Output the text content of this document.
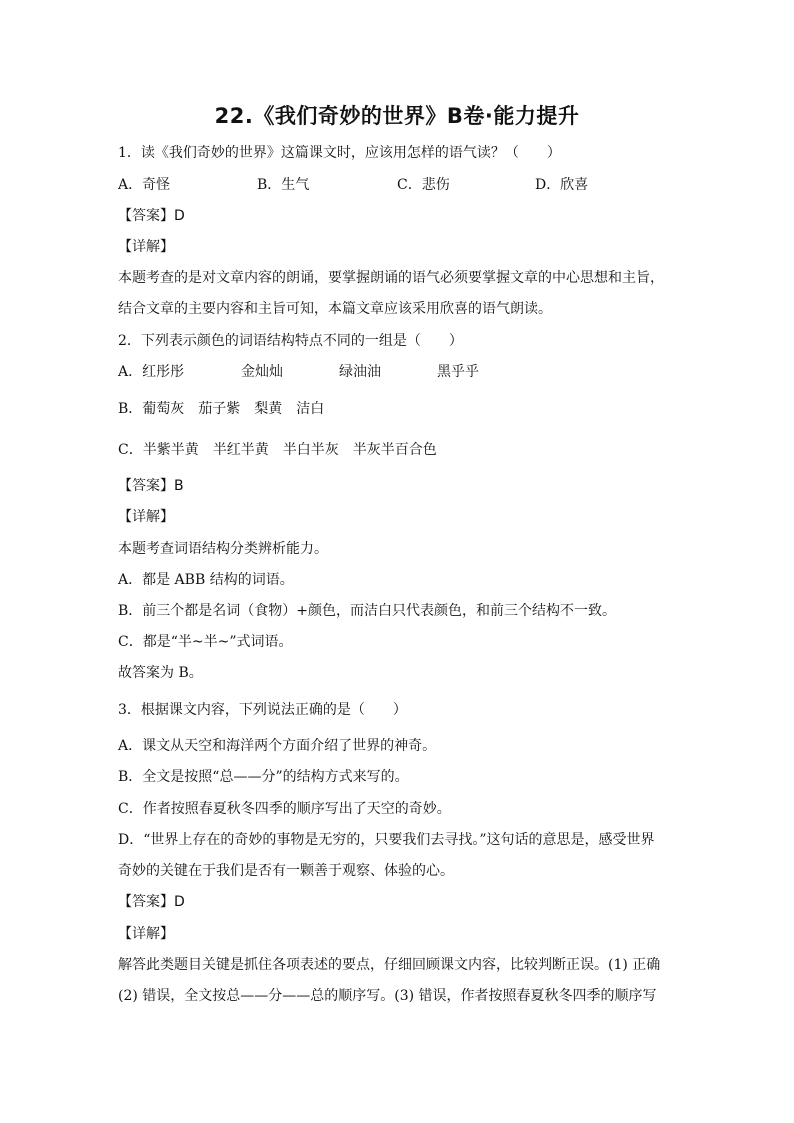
22.《我们奇妙的世界》B卷·能力提升
1．读《我们奇妙的世界》这篇课文时，应该用怎样的语气读？（　　）
A．奇怪	B．生气	C．悲伤	D．欣喜
【答案】D
【详解】
本题考查的是对文章内容的朗诵，要掌握朗诵的语气必须要掌握文章的中心思想和主旨，
结合文章的主要内容和主旨可知，本篇文章应该采用欣喜的语气朗读。
2．下列表示颜色的词语结构特点不同的一组是（　　）
A．红彤彤	金灿灿	绿油油	黑乎乎
B．葡萄灰　茄子紫　梨黄　洁白
C．半紫半黄　半红半黄　半白半灰　半灰半百合色
【答案】B
【详解】
本题考查词语结构分类辨析能力。
A．都是 ABB 结构的词语。
B．前三个都是名词（食物）+颜色，而洁白只代表颜色，和前三个结构不一致。
C．都是“半~半~”式词语。
故答案为 B。
3．根据课文内容，下列说法正确的是（　　）
A．课文从天空和海洋两个方面介绍了世界的神奇。
B．全文是按照“总——分”的结构方式来写的。
C．作者按照春夏秋冬四季的顺序写出了天空的奇妙。
D．“世界上存在的奇妙的事物是无穷的，只要我们去寻找。”这句话的意思是，感受世界
奇妙的关键在于我们是否有一颗善于观察、体验的心。
【答案】D
【详解】
解答此类题目关键是抓住各项表述的要点，仔细回顾课文内容，比较判断正误。(1) 正确
(2) 错误，全文按总——分——总的顺序写。(3) 错误，作者按照春夏秋冬四季的顺序写
